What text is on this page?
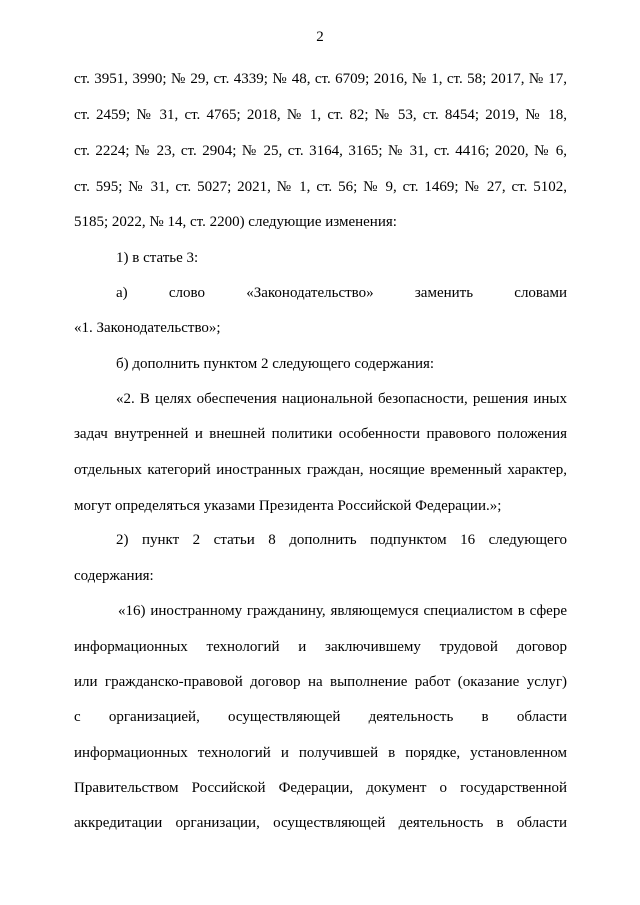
2
ст. 3951, 3990; № 29, ст. 4339; № 48, ст. 6709; 2016, № 1, ст. 58; 2017, № 17,
ст. 2459; № 31, ст. 4765; 2018, № 1, ст. 82; № 53, ст. 8454; 2019, № 18,
ст. 2224; № 23, ст. 2904; № 25, ст. 3164, 3165; № 31, ст. 4416; 2020, № 6,
ст. 595; № 31, ст. 5027; 2021, № 1, ст. 56; № 9, ст. 1469; № 27, ст. 5102,
5185; 2022, № 14, ст. 2200) следующие изменения:
1) в статье 3:
а) слово «Законодательство» заменить словами
«1. Законодательство»;
б) дополнить пунктом 2 следующего содержания:
«2. В целях обеспечения национальной безопасности, решения иных
задач внутренней и внешней политики особенности правового положения
отдельных категорий иностранных граждан, носящие временный характер,
могут определяться указами Президента Российской Федерации.»;
2) пункт 2 статьи 8 дополнить подпунктом 16 следующего
содержания:
«16) иностранному гражданину, являющемуся специалистом в сфере
информационных технологий и заключившему трудовой договор
или гражданско-правовой договор на выполнение работ (оказание услуг)
с организацией, осуществляющей деятельность в области
информационных технологий и получившей в порядке, установленном
Правительством Российской Федерации, документ о государственной
аккредитации организации, осуществляющей деятельность в области
